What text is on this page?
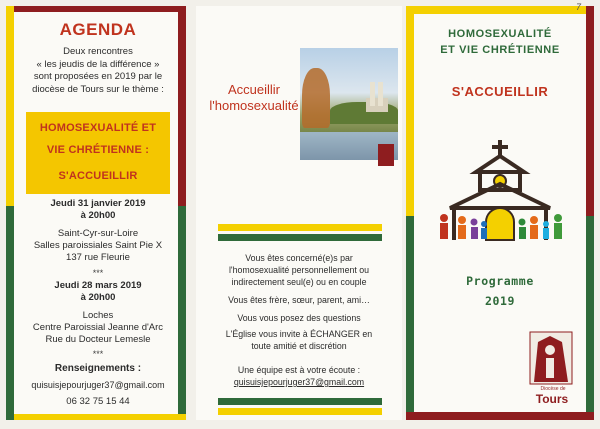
AGENDA
Deux rencontres
« les jeudis de la différence »
sont proposées en 2019 par le
diocèse de Tours sur le thème :
HOMOSEXUALITÉ ET
VIE CHRÉTIENNE :
S'ACCUEILLIR
Jeudi 31 janvier 2019
à 20h00
Saint-Cyr-sur-Loire
Salles paroissiales Saint Pie X
137 rue Fleurie
***
Jeudi 28 mars 2019
à 20h00
Loches
Centre Paroissial Jeanne d'Arc
Rue du Docteur Lemesle
***
Renseignements :
quisuisjepourjuger37@gmail.com
06 32 75 15 44
Accueillir
l'homosexualité
Vous êtes concerné(e)s par
l'homosexualité personnellement ou
indirectement seul(e) ou en couple
Vous êtes frère, sœur, parent, ami…
Vous vous posez des questions
L'Église vous invite à ÉCHANGER en
toute amitié et discrétion
Une équipe est à votre écoute :
quisuisjepourjuger37@gmail.com
HOMOSEXUALITÉ
ET VIE CHRÉTIENNE
S'ACCUEILLIR
Programme
2019
Diocèse de
Tours
7
